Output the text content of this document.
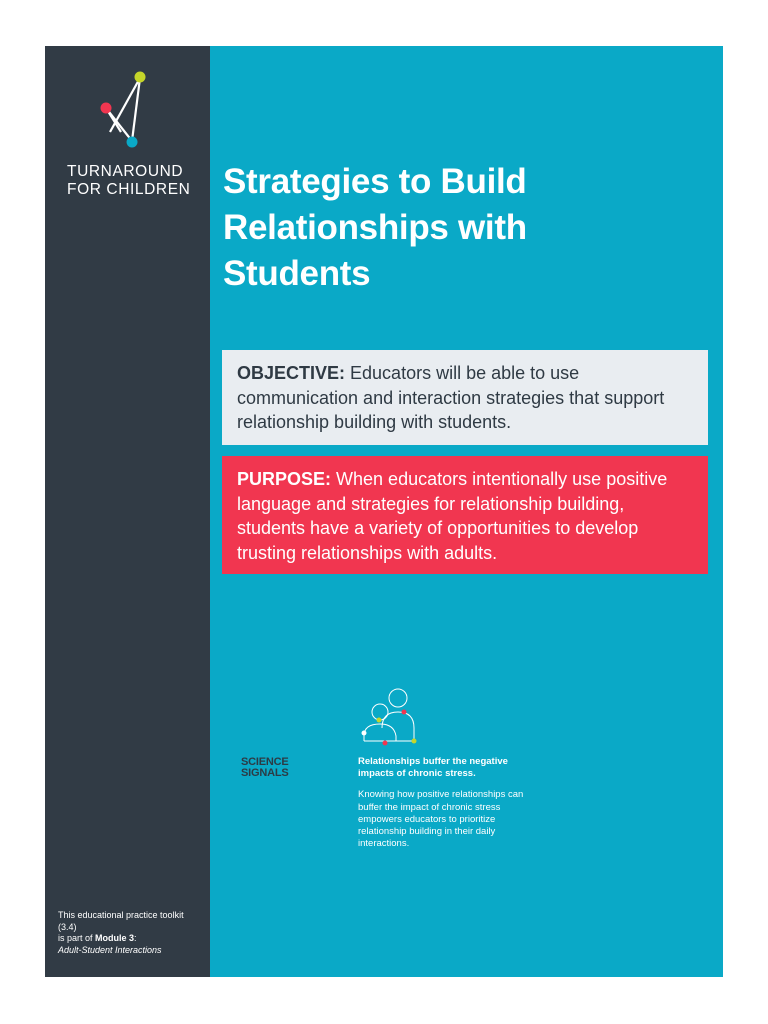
TURNAROUND
FOR CHILDREN
This educational practice toolkit (3.4)
is part of Module 3:
Adult-Student Interactions
Strategies to Build
Relationships with
Students
OBJECTIVE: Educators will be able to use communication and interaction strategies that support relationship building with students.
PURPOSE: When educators intentionally use positive language and strategies for relationship building, students have a variety of opportunities to develop trusting relationships with adults.
SCIENCE
SIGNALS
Relationships buffer the negative impacts of chronic stress.
Knowing how positive relationships can buffer the impact of chronic stress empowers educators to prioritize relationship building in their daily interactions.
